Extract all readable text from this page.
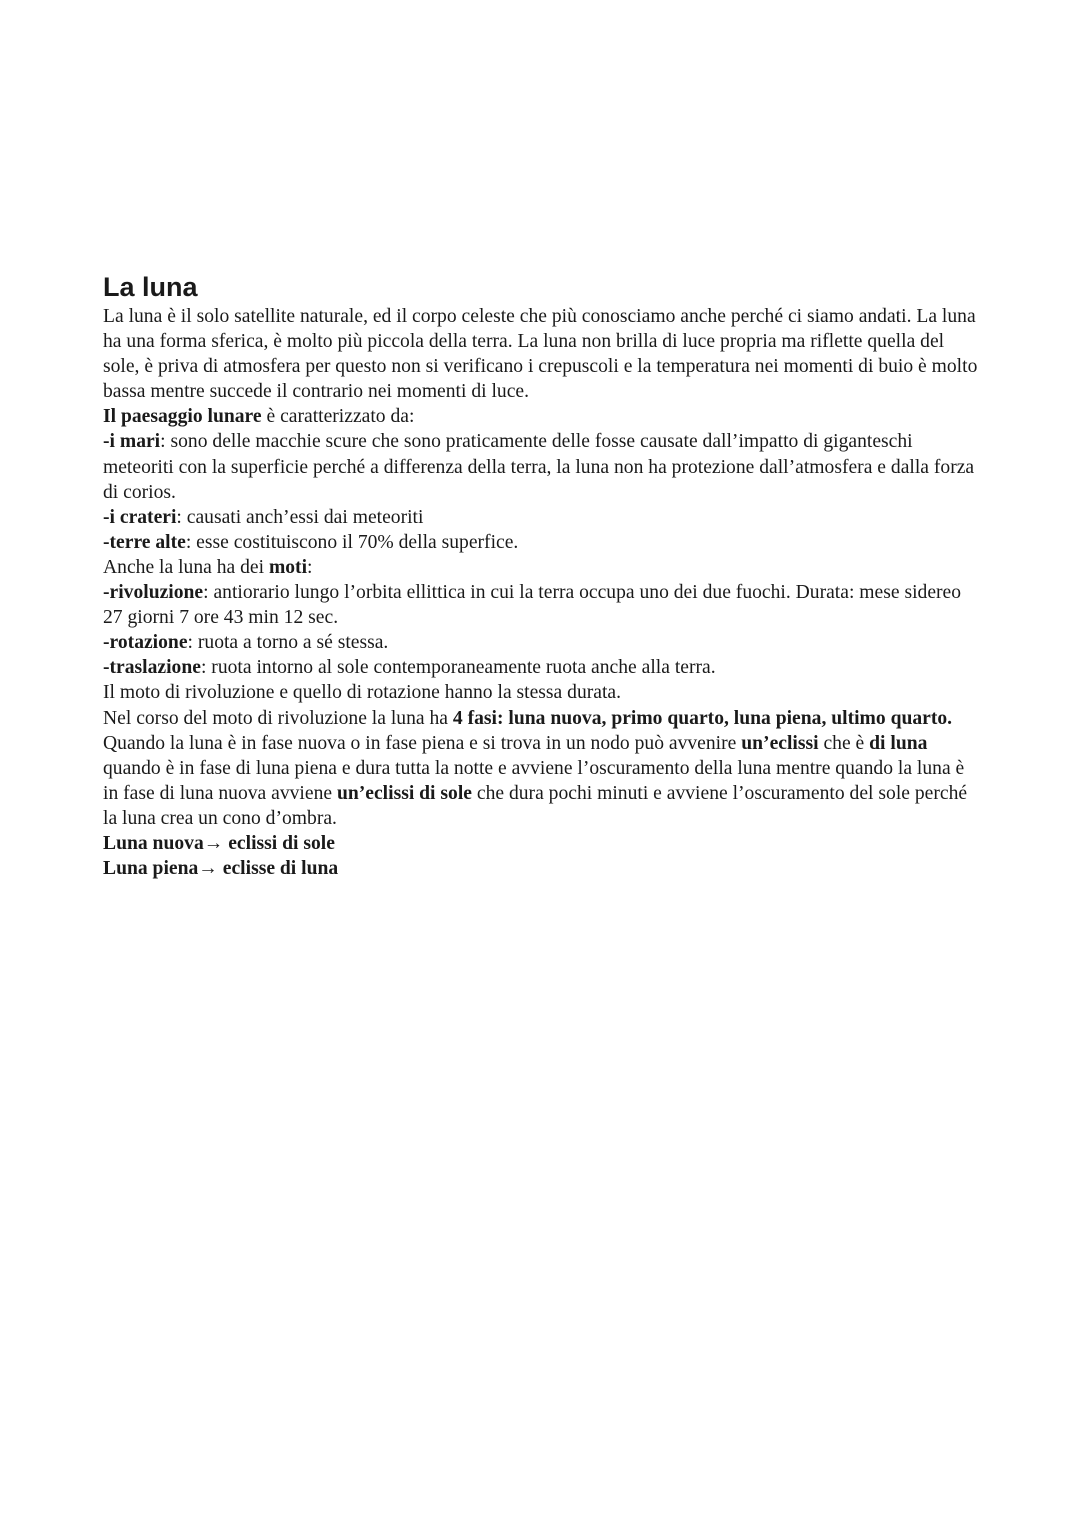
La luna

La luna è il solo satellite naturale, ed il corpo celeste che più conosciamo anche perché ci siamo andati. La luna ha una forma sferica, è molto più piccola della terra. La luna non brilla di luce propria ma riflette quella del sole, è priva di atmosfera per questo non si verificano i crepuscoli e la temperatura nei momenti di buio è molto bassa mentre succede il contrario nei momenti di luce.

Il paesaggio lunare è caratterizzato da:

-i mari: sono delle macchie scure che sono praticamente delle fosse causate dall’impatto di giganteschi meteoriti con la superficie perché a differenza della terra, la luna non ha protezione dall’atmosfera e dalla forza di corios.

-i crateri: causati anch’essi dai meteoriti

-terre alte: esse costituiscono il 70% della superfice.

Anche la luna ha dei moti:

-rivoluzione: antiorario lungo l’orbita ellittica in cui la terra occupa uno dei due fuochi. Durata: mese sidereo 27 giorni 7 ore 43 min 12 sec.

-rotazione: ruota a torno a sé stessa.

-traslazione: ruota intorno al sole contemporaneamente ruota anche alla terra.

Il moto di rivoluzione e quello di rotazione hanno la stessa durata.

Nel corso del moto di rivoluzione la luna ha 4 fasi: luna nuova, primo quarto, luna piena, ultimo quarto.

Quando la luna è in fase nuova o in fase piena e si trova in un nodo può avvenire un’eclissi che è di luna quando è in fase di luna piena e dura tutta la notte e avviene l’oscuramento della luna mentre quando la luna è in fase di luna nuova avviene un’eclissi di sole che dura pochi minuti e avviene l’oscuramento del sole perché la luna crea un cono d’ombra.

Luna nuova→ eclissi di sole

Luna piena→ eclisse di luna
